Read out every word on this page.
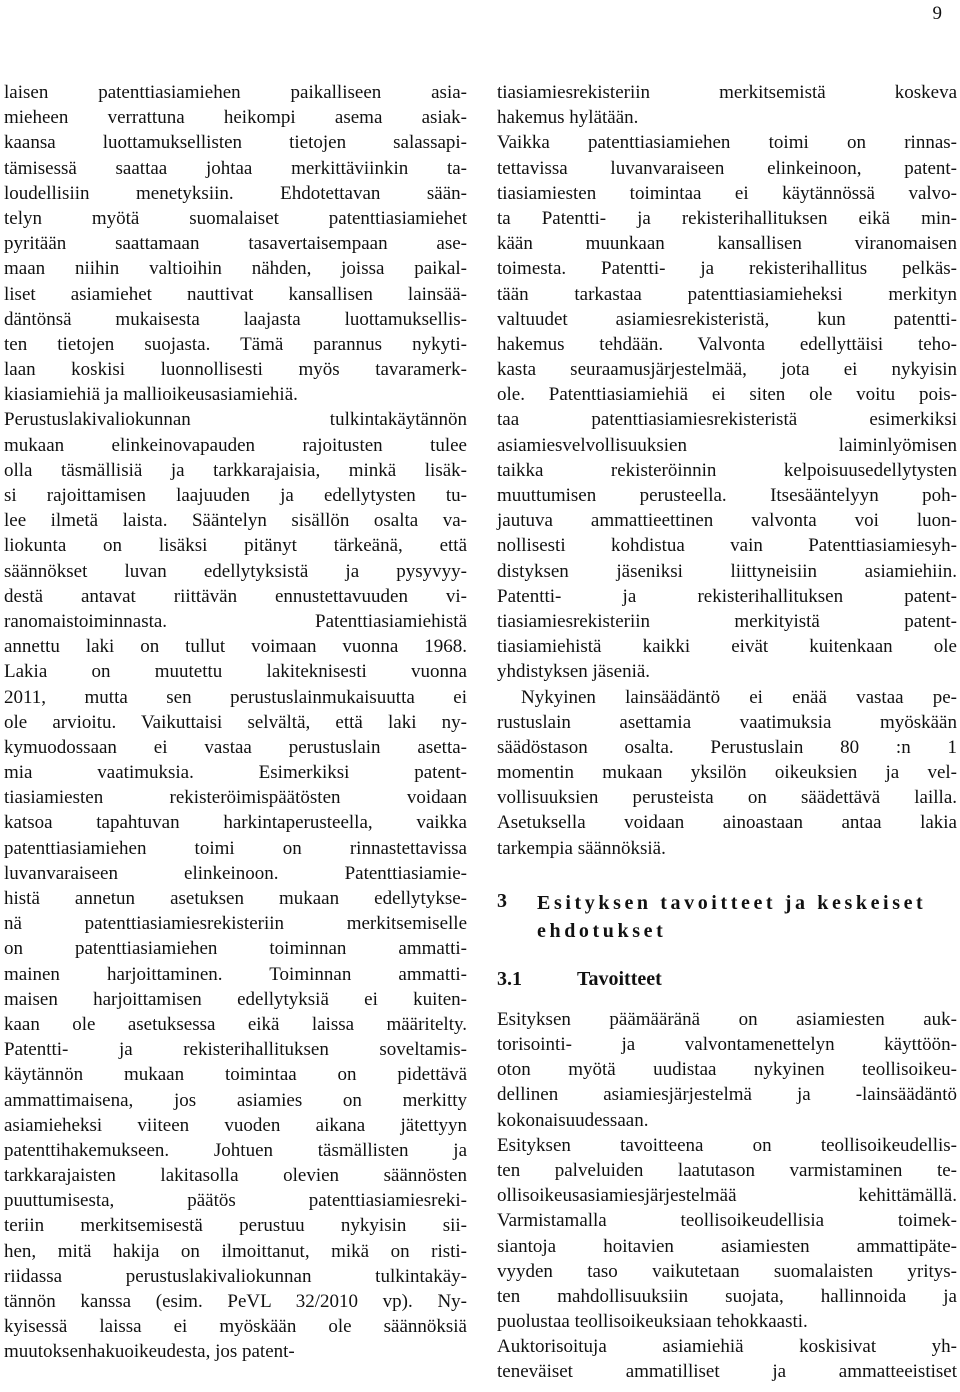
9
laisen patenttiasiamiehen paikalliseen asia-
mieheen verrattuna heikompi asema asiak-
kaansa luottamuksellisten tietojen salassapi-
tämisessä saattaa johtaa merkittäviinkin ta-
loudellisiin menetyksiin. Ehdotettavan sään-
telyn myötä suomalaiset patenttiasiamiehet
pyritään saattamaan tasavertaisempaan ase-
maan niihin valtioihin nähden, joissa paikal-
liset asiamiehet nauttivat kansallisen lainsää-
däntönsä mukaisesta laajasta luottamuksellis-
ten tietojen suojasta. Tämä parannus nykyti-
laan koskisi luonnollisesti myös tavaramerk-
kiasiamiehiä ja mallioikeusasiamiehiä.
Perustuslakivaliokunnan tulkintakäytännön
mukaan elinkeinovapauden rajoitusten tulee
olla täsmällisiä ja tarkkarajaisia, minkä lisäk-
si rajoittamisen laajuuden ja edellytysten tu-
lee ilmetä laista. Sääntelyn sisällön osalta va-
liokunta on lisäksi pitänyt tärkeänä, että
säännökset luvan edellytyksistä ja pysyvyy-
destä antavat riittävän ennustettavuuden vi-
ranomaistoiminnasta. Patenttiasiamiehistä
annettu laki on tullut voimaan vuonna 1968.
Lakia on muutettu lakiteknisesti vuonna
2011, mutta sen perustuslainmukaisuutta ei
ole arvioitu. Vaikuttaisi selvältä, että laki ny-
kymuodossaan ei vastaa perustuslain asetta-
mia vaatimuksia. Esimerkiksi patent-
tiasiamiesten rekisteröimispäätösten voidaan
katsoa tapahtuvan harkintaperusteella, vaikka
patenttiasiamiehen toimi on rinnastettavissa
luvanvaraiseen elinkeinoon. Patenttiasiamie-
histä annetun asetuksen mukaan edellytykse-
nä patenttiasiamiesrekisteriin merkitsemiselle
on patenttiasiamiehen toiminnan ammatti-
mainen harjoittaminen. Toiminnan ammatti-
maisen harjoittamisen edellytyksiä ei kuiten-
kaan ole asetuksessa eikä laissa määritelty.
Patentti- ja rekisterihallituksen soveltamis-
käytännön mukaan toimintaa on pidettävä
ammattimaisena, jos asiamies on merkitty
asiamieheksi viiteen vuoden aikana jätettyyn
patenttihakemukseen. Johtuen täsmällisten ja
tarkkarajaisten lakitasolla olevien säännösten
puuttumisesta, päätös patenttiasiamiesreki-
teriin merkitsemisestä perustuu nykyisin sii-
hen, mitä hakija on ilmoittanut, mikä on risti-
riidassa perustuslakivaliokunnan tulkintakäy-
tännön kanssa (esim. PeVL 32/2010 vp). Ny-
kyisessä laissa ei myöskään ole säännöksiä
muutoksenhakuoikeudesta, jos patent-
tiasiamiesrekisteriin merkitsemistä koskeva
hakemus hylätään.
Vaikka patenttiasiamiehen toimi on rinnas-
tettavissa luvanvaraiseen elinkeinoon, patent-
tiasiamiesten toimintaa ei käytännössä valvo-
ta Patentti- ja rekisterihallituksen eikä min-
kään muunkaan kansallisen viranomaisen
toimesta. Patentti- ja rekisterihallitus pelkäs-
tään tarkastaa patenttiasiamieheksi merkityn
valtuudet asiamiesrekisteristä, kun patentti-
hakemus tehdään. Valvonta edellyttäisi teho-
kasta seuraamusjärjestelmää, jota ei nykyisin
ole. Patenttiasiamiehiä ei siten ole voitu pois-
taa patenttiasiamiesrekisteristä esimerkiksi
asiamiesvelvollisuuksien laiminlyömisen
taikka rekisteröinnin kelpoisuusedellytysten
muuttumisen perusteella. Itsesääntelyyn poh-
jautuva ammattieettinen valvonta voi luon-
nollisesti kohdistua vain Patenttiasiamiesyh-
distyksen jäseniksi liittyneisiin asiamiehiin.
Patentti- ja rekisterihallituksen patent-
tiasiamiesrekisteriin merkityistä patent-
tiasiamiehistä kaikki eivät kuitenkaan ole
yhdistyksen jäseniä.
Nykyinen lainsäädäntö ei enää vastaa pe-
rustuslain asettamia vaatimuksia myöskään
säädöstason osalta. Perustuslain 80 :n 1
momentin mukaan yksilön oikeuksien ja vel-
vollisuuksien perusteista on säädettävä lailla.
Asetuksella voidaan ainoastaan antaa lakia
tarkempia säännöksiä.
3	Esityksen tavoitteet ja keskeiset ehdotukset
3.1	Tavoitteet
Esityksen päämääränä on asiamiesten auk-
torisointi- ja valvontamenettelyn käyttöön-
oton myötä uudistaa nykyinen teollisoikeu-
dellinen asiamiesjärjestelmä ja -lainsäädäntö
kokonaisuudessaan.
Esityksen tavoitteena on teollisoikeudellis-
ten palveluiden laatutason varmistaminen te-
ollisoikeusasiamiesjärjestelmää kehittämällä.
Varmistamalla teollisoikeudellisia toimek-
siantoja hoitavien asiamiesten ammattipäte-
vyyden taso vaikutetaan suomalaisten yritys-
ten mahdollisuuksiin suojata, hallinnoida ja
puolustaa teollisoikeuksiaan tehokkaasti.
Auktorisoituja asiamiehiä koskisivat yh-
teneväiset ammatilliset ja ammatteeistiset
